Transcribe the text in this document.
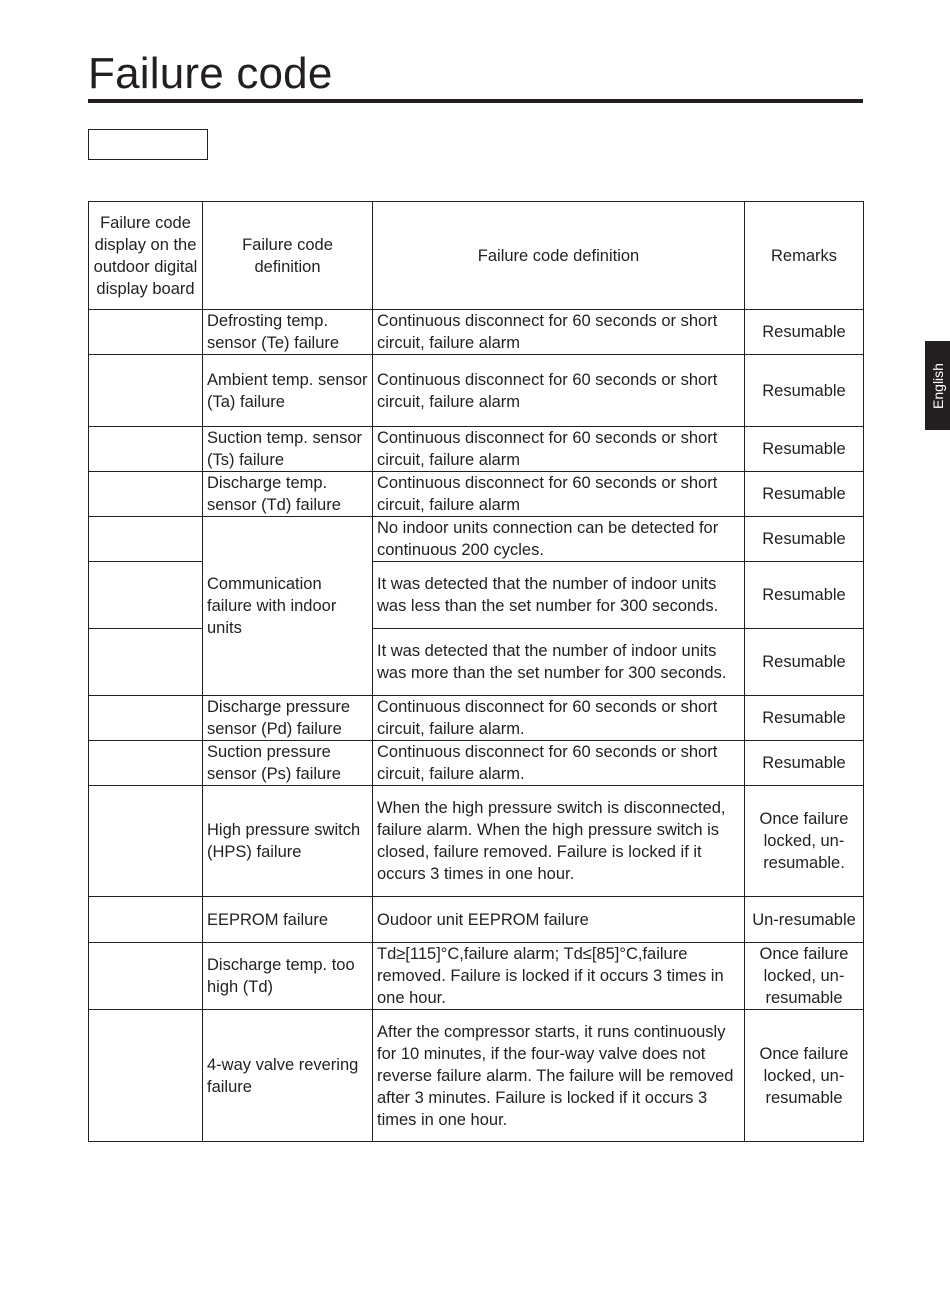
Failure code
English
Failure code display on the outdoor digital display board	Failure code definition	Failure code definition	Remarks
	Defrosting temp. sensor (Te) failure	Continuous disconnect for 60 seconds or short circuit, failure alarm	Resumable
	Ambient temp. sensor (Ta) failure	Continuous disconnect for 60 seconds or short circuit, failure alarm	Resumable
	Suction temp. sensor (Ts) failure	Continuous disconnect for 60 seconds or short circuit, failure alarm	Resumable
	Discharge temp. sensor (Td) failure	Continuous disconnect for 60 seconds or short circuit, failure alarm	Resumable
	Communication failure with indoor units	No indoor units connection can be detected for continuous 200 cycles.	Resumable
		It was detected that the number of indoor units was less than the set number for 300 seconds.	Resumable
		It was detected that the number of indoor units was more than the set number for 300 seconds.	Resumable
	Discharge pressure sensor (Pd) failure	Continuous disconnect for 60 seconds or short circuit, failure alarm.	Resumable
	Suction pressure sensor (Ps) failure	Continuous disconnect for 60 seconds or short circuit, failure alarm.	Resumable
	High pressure switch (HPS) failure	When the high pressure switch is disconnected, failure alarm. When the high pressure switch is closed, failure removed. Failure is locked if it occurs 3 times in one hour.	Once failure locked, un-resumable.
	EEPROM failure	Oudoor unit EEPROM failure	Un-resumable
	Discharge temp. too high (Td)	Td≥[115]°C,failure alarm; Td≤[85]°C,failure removed. Failure is locked if it occurs 3 times in one hour.	Once failure locked, un-resumable
	4-way valve revering failure	After the compressor starts, it runs continuously for 10 minutes, if the four-way valve does not reverse failure alarm. The failure will be removed after 3 minutes. Failure is locked if it occurs 3 times in one hour.	Once failure locked, un-resumable
